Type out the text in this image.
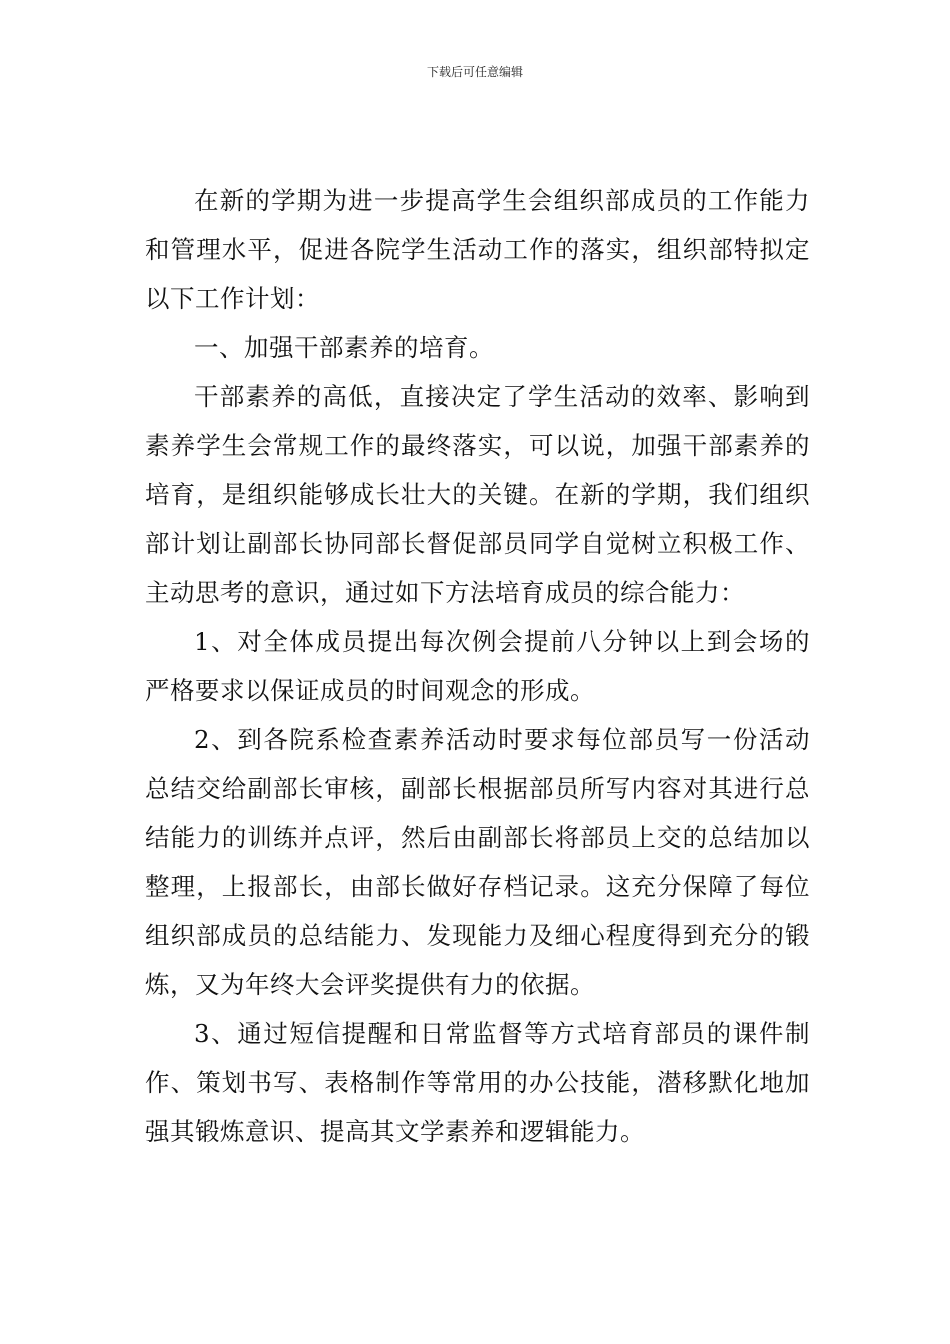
下载后可任意编辑

在新的学期为进一步提高学生会组织部成员的工作能力和管理水平，促进各院学生活动工作的落实，组织部特拟定以下工作计划：

一、加强干部素养的培育。

干部素养的高低，直接决定了学生活动的效率、影响到素养学生会常规工作的最终落实，可以说，加强干部素养的培育，是组织能够成长壮大的关键。在新的学期，我们组织部计划让副部长协同部长督促部员同学自觉树立积极工作、主动思考的意识，通过如下方法培育成员的综合能力：

1、对全体成员提出每次例会提前八分钟以上到会场的严格要求以保证成员的时间观念的形成。

2、到各院系检查素养活动时要求每位部员写一份活动总结交给副部长审核，副部长根据部员所写内容对其进行总结能力的训练并点评，然后由副部长将部员上交的总结加以整理，上报部长，由部长做好存档记录。这充分保障了每位组织部成员的总结能力、发现能力及细心程度得到充分的锻炼，又为年终大会评奖提供有力的依据。

3、通过短信提醒和日常监督等方式培育部员的课件制作、策划书写、表格制作等常用的办公技能，潜移默化地加强其锻炼意识、提高其文学素养和逻辑能力。
